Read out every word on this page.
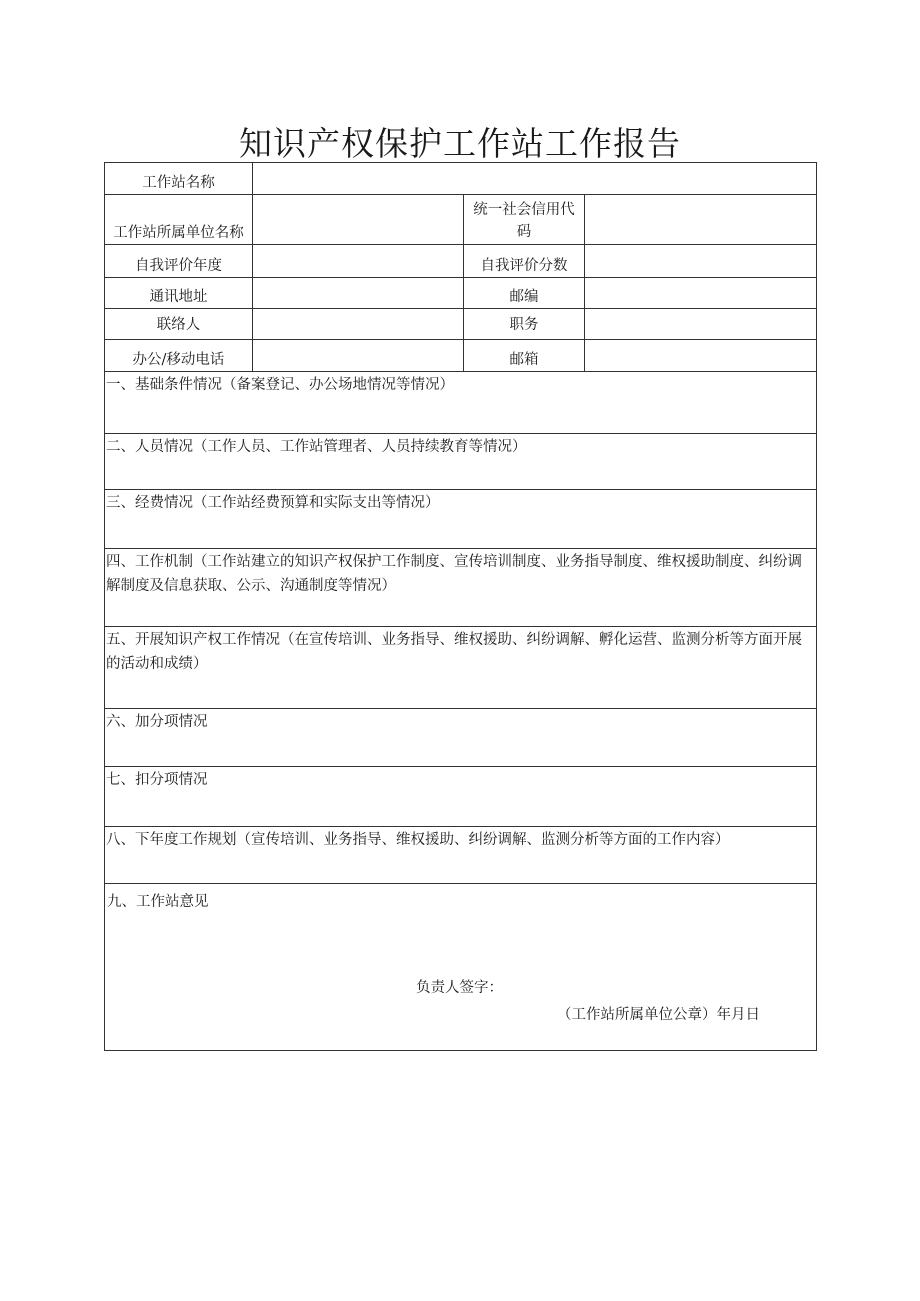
知识产权保护工作站工作报告
工作站名称			
工作站所属单位名称		统一社会信用代码	
自我评价年度		自我评价分数	
通讯地址		邮编	
联络人		职务	
办公/移动电话		邮箱	
一、基础条件情况（备案登记、办公场地情况等情况）			
二、人员情况（工作人员、工作站管理者、人员持续教育等情况）			
三、经费情况（工作站经费预算和实际支出等情况）			
四、工作机制（工作站建立的知识产权保护工作制度、宣传培训制度、业务指导制度、维权援助制度、纠纷调解制度及信息获取、公示、沟通制度等情况）			
五、开展知识产权工作情况（在宣传培训、业务指导、维权援助、纠纷调解、孵化运营、监测分析等方面开展的活动和成绩）			
六、加分项情况			
七、扣分项情况			
八、下年度工作规划（宣传培训、业务指导、维权援助、纠纷调解、监测分析等方面的工作内容）			

九、工作站意见
负责人签字：
（工作站所属单位公章）年月日			
